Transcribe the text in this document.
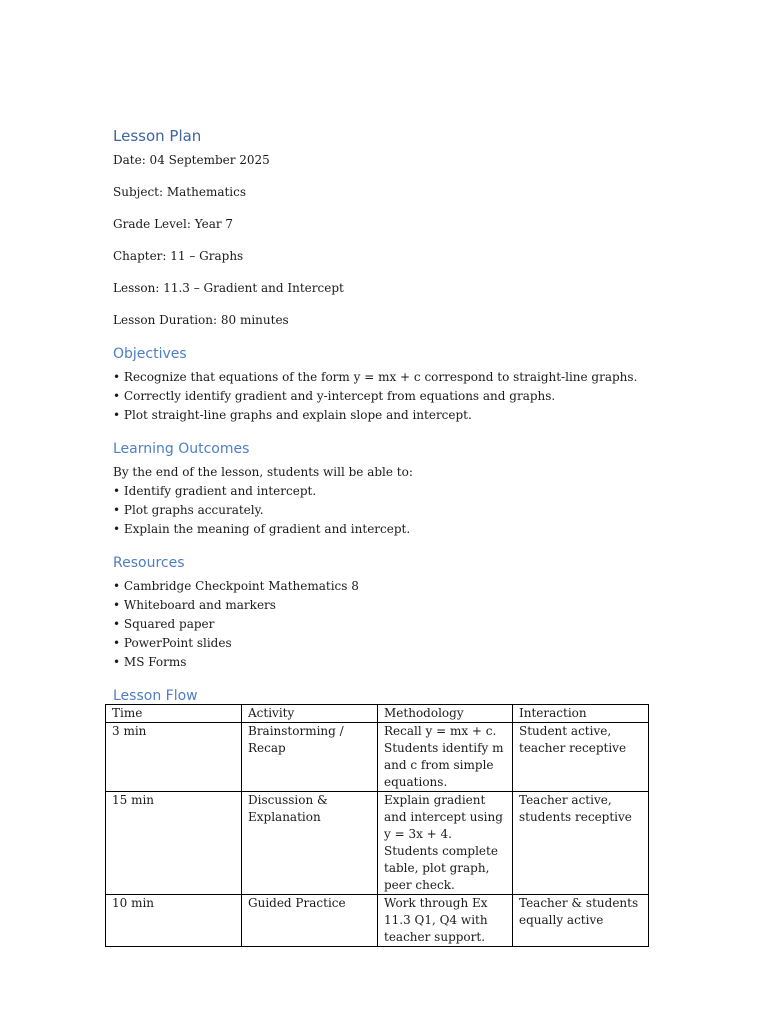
Lesson Plan

Date: 04 September 2025

Subject: Mathematics

Grade Level: Year 7

Chapter: 11 – Graphs

Lesson: 11.3 – Gradient and Intercept

Lesson Duration: 80 minutes

Objectives
• Recognize that equations of the form y = mx + c correspond to straight-line graphs.
• Correctly identify gradient and y-intercept from equations and graphs.
• Plot straight-line graphs and explain slope and intercept.
Learning Outcomes

By the end of the lesson, students will be able to:

• Identify gradient and intercept.
• Plot graphs accurately.
• Explain the meaning of gradient and intercept.
Resources
• Cambridge Checkpoint Mathematics 8
• Whiteboard and markers
• Squared paper
• PowerPoint slides
• MS Forms
Lesson Flow
Time	Activity	Methodology	Interaction
3 min	Brainstorming / Recap	Recall y = mx + c. Students identify m and c from simple equations.	Student active, teacher receptive
15 min	Discussion & Explanation	Explain gradient and intercept using y = 3x + 4. Students complete table, plot graph, peer check.	Teacher active, students receptive
10 min	Guided Practice	Work through Ex 11.3 Q1, Q4 with teacher support.	Teacher & students equally active
